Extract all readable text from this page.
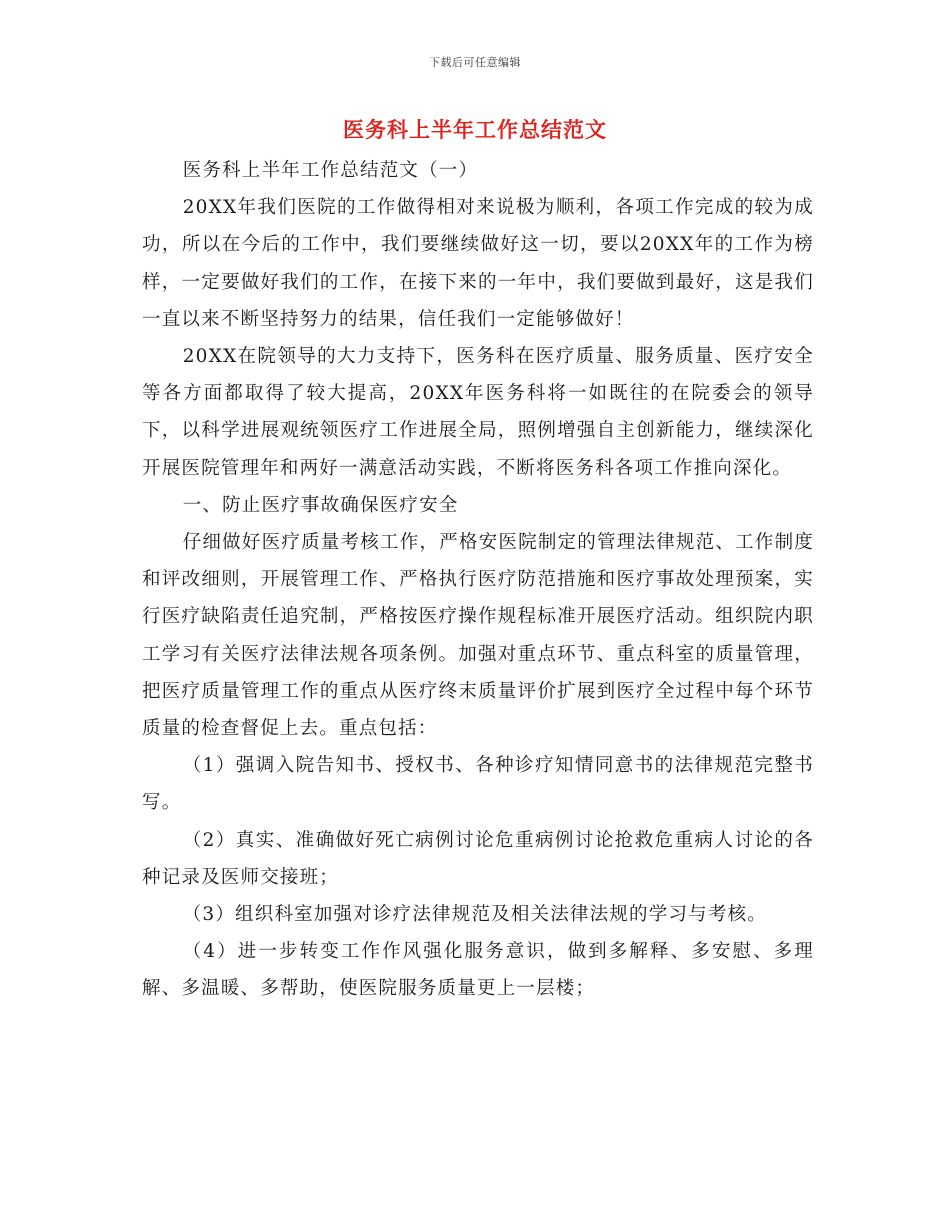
下载后可任意编辑
医务科上半年工作总结范文

医务科上半年工作总结范文（一）

20XX年我们医院的工作做得相对来说极为顺利，各项工作完成的较为成功，所以在今后的工作中，我们要继续做好这一切，要以20XX年的工作为榜样，一定要做好我们的工作，在接下来的一年中，我们要做到最好，这是我们一直以来不断坚持努力的结果，信任我们一定能够做好！

20XX在院领导的大力支持下，医务科在医疗质量、服务质量、医疗安全等各方面都取得了较大提高，20XX年医务科将一如既往的在院委会的领导下，以科学进展观统领医疗工作进展全局，照例增强自主创新能力，继续深化开展医院管理年和两好一满意活动实践，不断将医务科各项工作推向深化。

一、防止医疗事故确保医疗安全

仔细做好医疗质量考核工作，严格安医院制定的管理法律规范、工作制度和评改细则，开展管理工作、严格执行医疗防范措施和医疗事故处理预案，实行医疗缺陷责任追究制，严格按医疗操作规程标准开展医疗活动。组织院内职工学习有关医疗法律法规各项条例。加强对重点环节、重点科室的质量管理，把医疗质量管理工作的重点从医疗终末质量评价扩展到医疗全过程中每个环节质量的检查督促上去。重点包括：

（1）强调入院告知书、授权书、各种诊疗知情同意书的法律规范完整书写。

（2）真实、准确做好死亡病例讨论危重病例讨论抢救危重病人讨论的各种记录及医师交接班；

（3）组织科室加强对诊疗法律规范及相关法律法规的学习与考核。

（4）进一步转变工作作风强化服务意识，做到多解释、多安慰、多理解、多温暖、多帮助，使医院服务质量更上一层楼；
